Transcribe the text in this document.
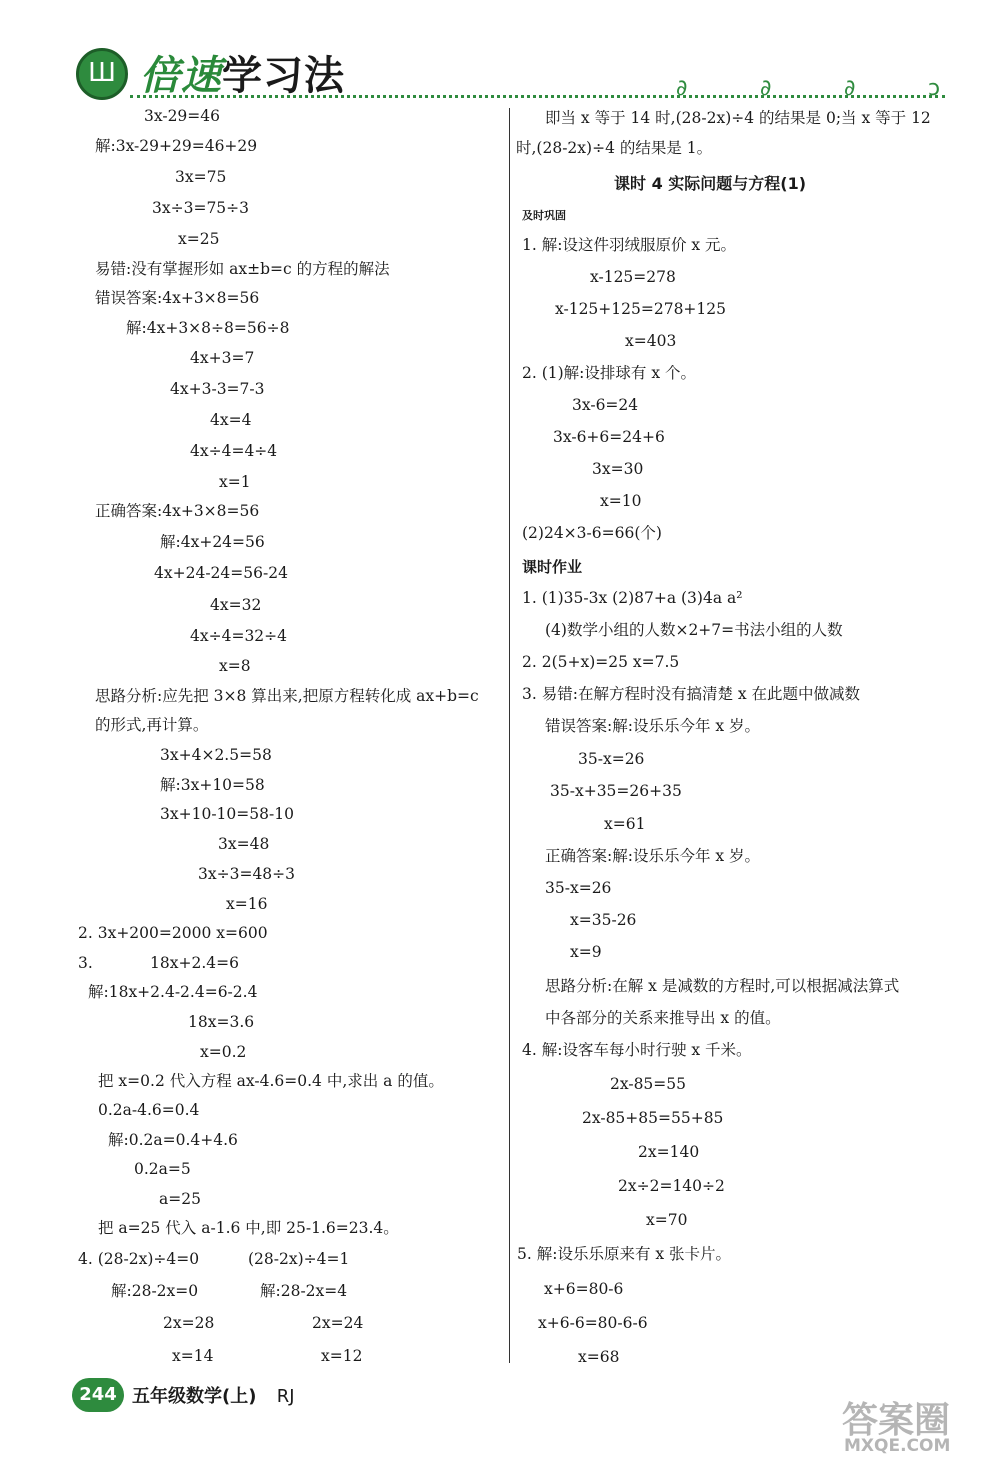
Ш 倍速学习法	∂	∂	∂	ↄ
3x-29=46
解:3x-29+29=46+29
3x=75
3x÷3=75÷3
x=25
易错:没有掌握形如 ax±b=c 的方程的解法
错误答案:4x+3×8=56
解:4x+3×8÷8=56÷8
4x+3=7
4x+3-3=7-3
4x=4
4x÷4=4÷4
x=1
正确答案:4x+3×8=56
解:4x+24=56
4x+24-24=56-24
4x=32
4x÷4=32÷4
x=8
思路分析:应先把 3×8 算出来,把原方程转化成 ax+b=c
的形式,再计算。
3x+4×2.5=58
解:3x+10=58
3x+10-10=58-10
3x=48
3x÷3=48÷3
x=16
2. 3x+200=2000 x=600
3.	18x+2.4=6
解:18x+2.4-2.4=6-2.4
18x=3.6
x=0.2
把 x=0.2 代入方程 ax-4.6=0.4 中,求出 a 的值。
0.2a-4.6=0.4
解:0.2a=0.4+4.6
0.2a=5
a=25
把 a=25 代入 a-1.6 中,即 25-1.6=23.4。
4. (28-2x)÷4=0	(28-2x)÷4=1
解:28-2x=0	解:28-2x=4
2x=28	2x=24
x=14	x=12
即当 x 等于 14 时,(28-2x)÷4 的结果是 0;当 x 等于 12
时,(28-2x)÷4 的结果是 1。
课时 4 实际问题与方程(1)
及时巩固
1. 解:设这件羽绒服原价 x 元。
x-125=278
x-125+125=278+125
x=403
2. (1)解:设排球有 x 个。
3x-6=24
3x-6+6=24+6
3x=30
x=10
(2)24×3-6=66(个)
课时作业
1. (1)35-3x (2)87+a (3)4a a²
(4)数学小组的人数×2+7=书法小组的人数
2. 2(5+x)=25 x=7.5
3. 易错:在解方程时没有搞清楚 x 在此题中做减数
错误答案:解:设乐乐今年 x 岁。
35-x=26
35-x+35=26+35
x=61
正确答案:解:设乐乐今年 x 岁。
35-x=26
x=35-26
x=9
思路分析:在解 x 是减数的方程时,可以根据减法算式
中各部分的关系来推导出 x 的值。
4. 解:设客车每小时行驶 x 千米。
2x-85=55
2x-85+85=55+85
2x=140
2x÷2=140÷2
x=70
5. 解:设乐乐原来有 x 张卡片。
x+6=80-6
x+6-6=80-6-6
x=68
244 五年级数学(上) RJ
答案圈
MXQE.COM
